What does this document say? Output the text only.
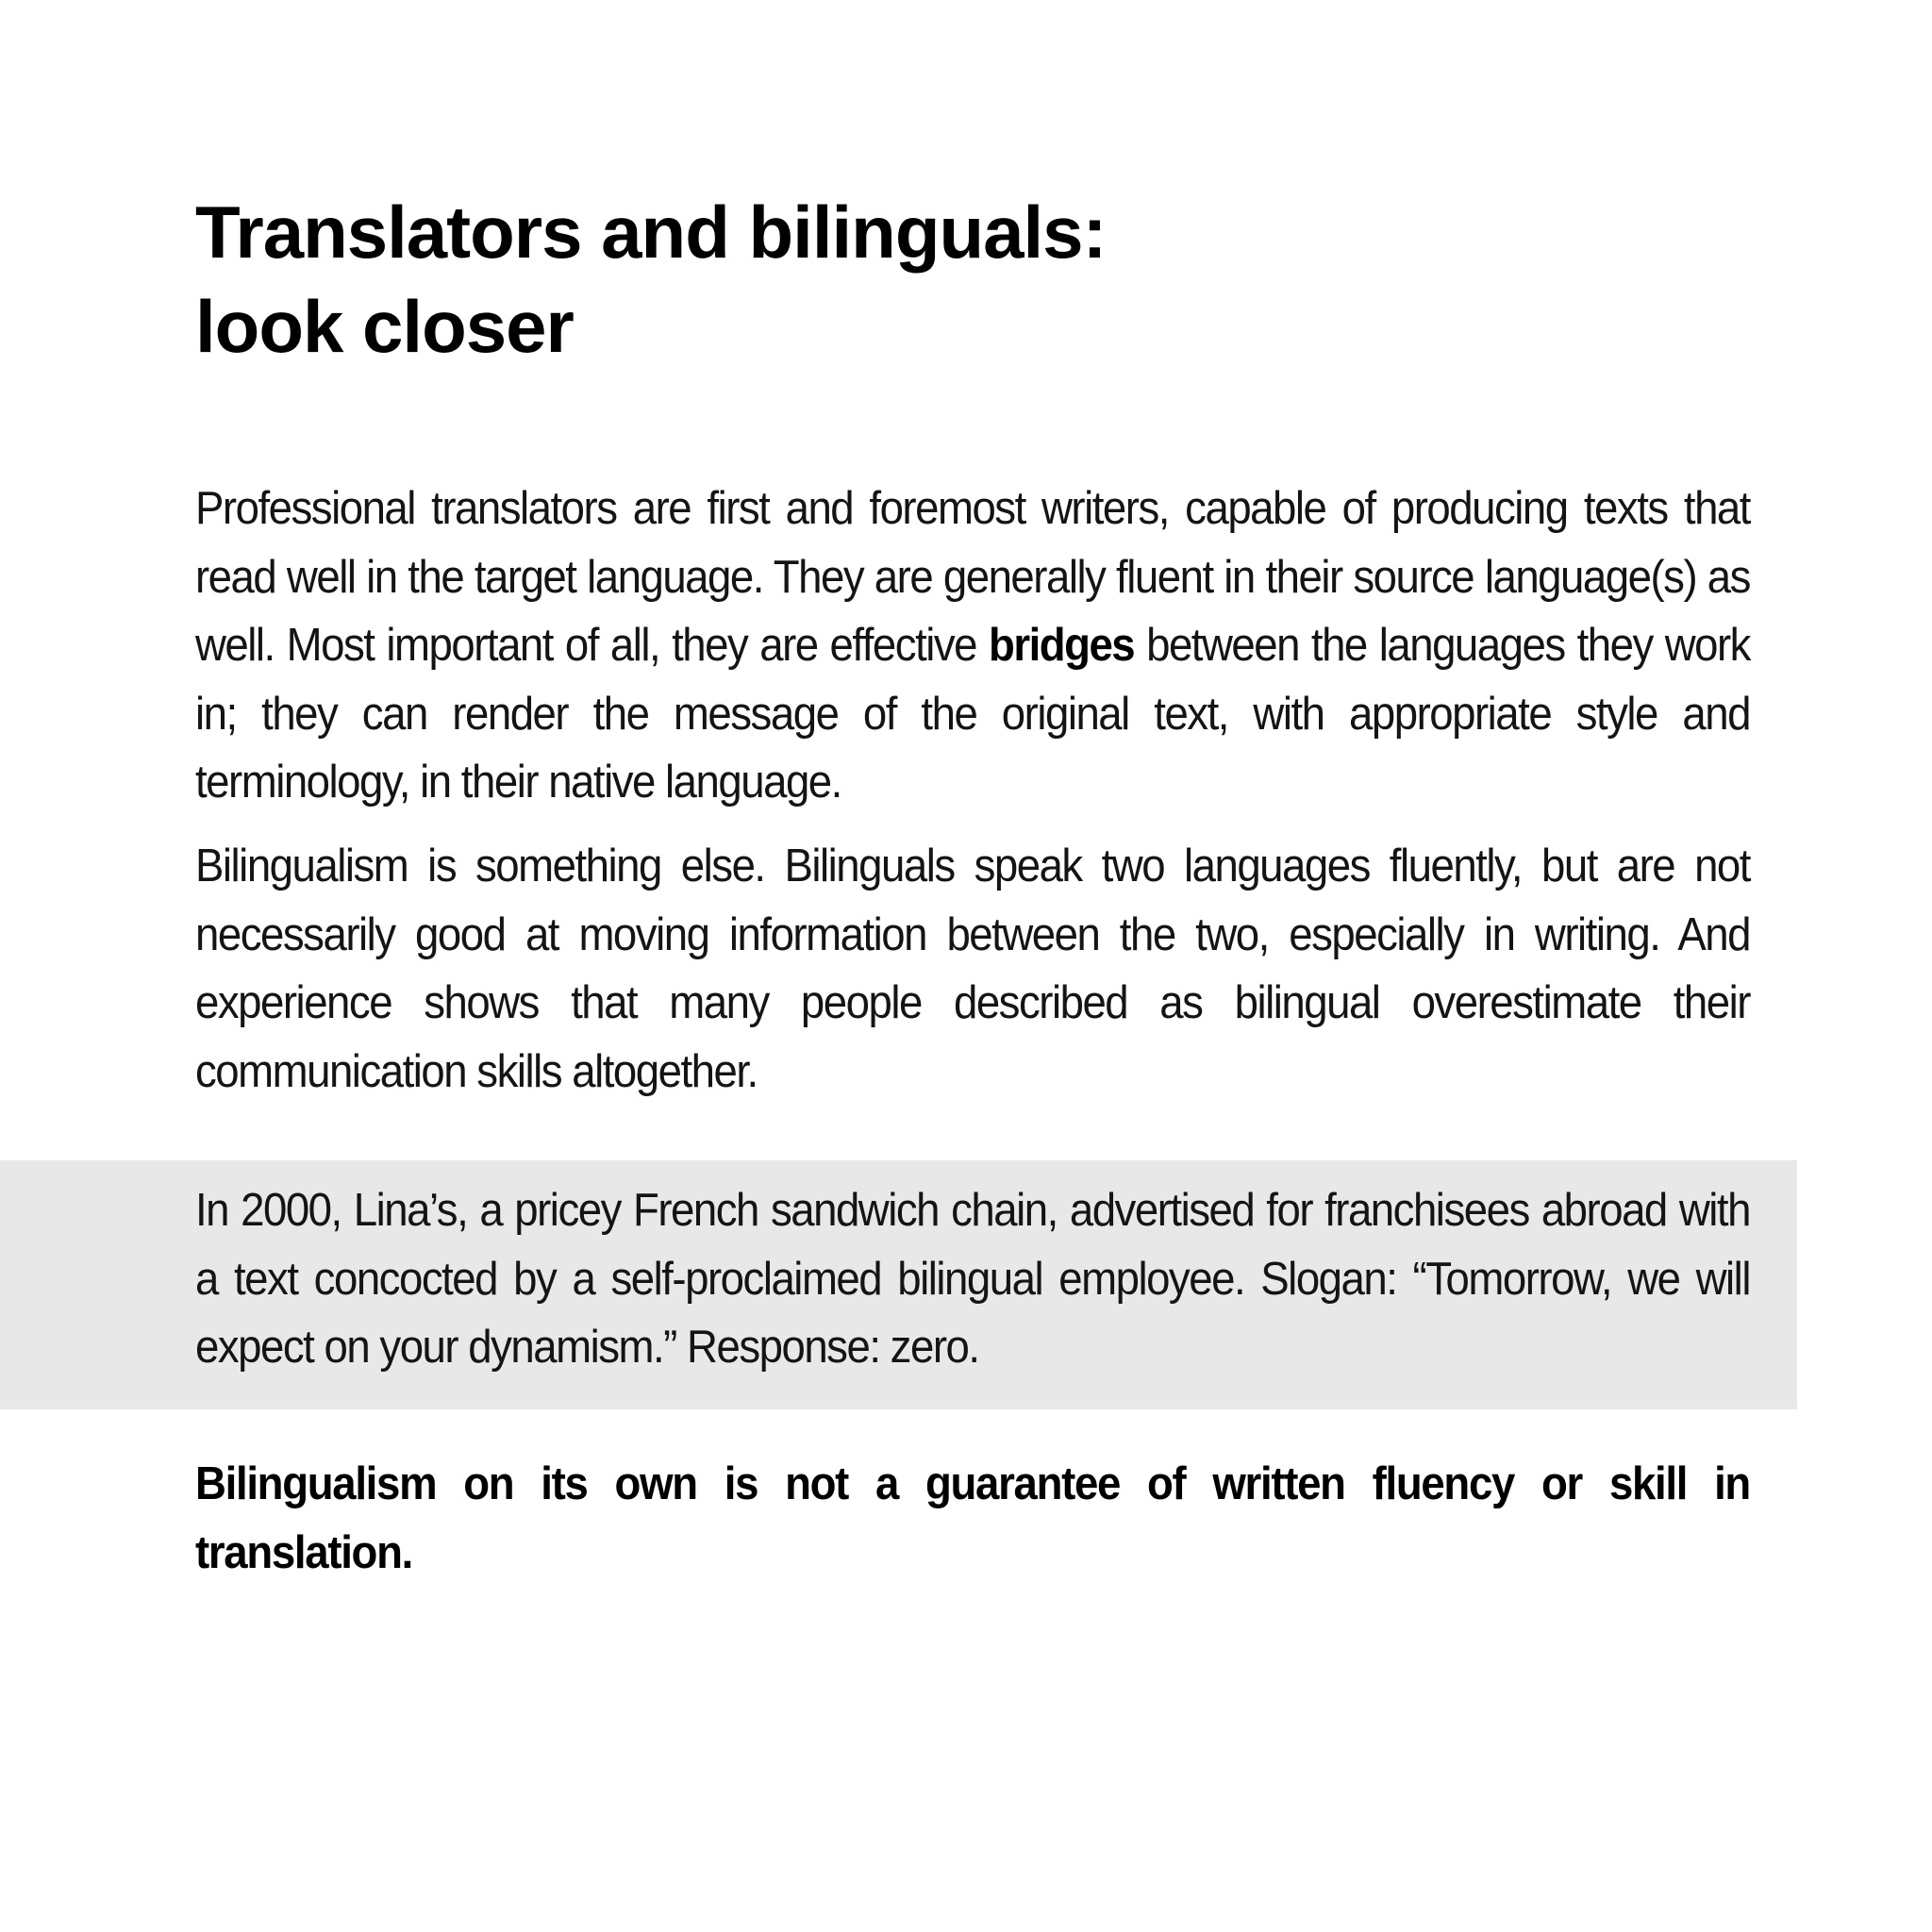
Translators and bilinguals:
look closer

Professional translators are first and foremost writers, capable of producing texts that read well in the target language. They are generally fluent in their source language(s) as well. Most important of all, they are effective bridges between the languages they work in; they can render the message of the original text, with appropriate style and terminology, in their native language.

Bilingualism is something else. Bilinguals speak two languages fluently, but are not necessarily good at moving information between the two, especially in writing. And experience shows that many people described as bilingual overestimate their communication skills altogether.

In 2000, Lina’s, a pricey French sandwich chain, advertised for franchisees abroad with a text concocted by a self-proclaimed bilingual employee. Slogan: “Tomorrow, we will expect on your dynamism.” Response: zero.

Bilingualism on its own is not a guarantee of written fluency or skill in translation.
